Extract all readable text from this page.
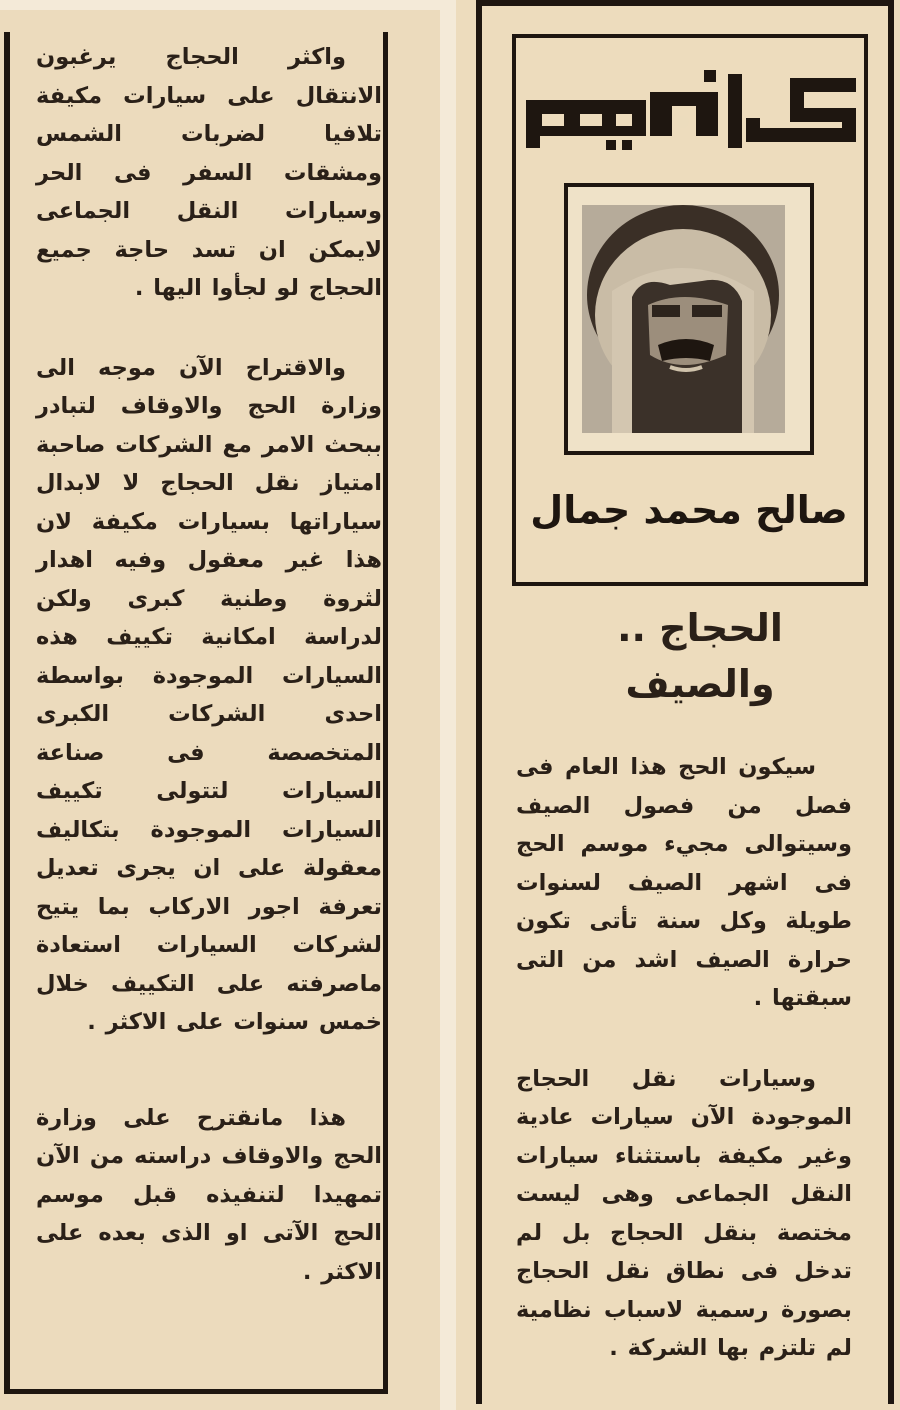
واكثر الحجاج يرغبون الانتقال على سيارات مكيفة تلافيا لضربات الشمس ومشقات السفر فى الحر وسيارات النقل الجماعى لايمكن ان تسد حاجة جميع الحجاج لو لجأوا اليها .

والاقتراح الآن موجه الى وزارة الحج والاوقاف لتبادر ببحث الامر مع الشركات صاحبة امتياز نقل الحجاج لا لابدال سياراتها بسيارات مكيفة لان هذا غير معقول وفيه اهدار لثروة وطنية كبرى ولكن لدراسة امكانية تكييف هذه السيارات الموجودة بواسطة احدى الشركات الكبرى المتخصصة فى صناعة السيارات لتتولى تكييف السيارات الموجودة بتكاليف معقولة على ان يجرى تعديل تعرفة اجور الاركاب بما يتيح لشركات السيارات استعادة ماصرفته على التكييف خلال خمس سنوات على الاكثر .

هذا مانقترح على وزارة الحج والاوقاف دراسته من الآن تمهيدا لتنفيذه قبل موسم الحج الآتى او الذى بعده على الاكثر .

صالح محمد جمال
الحجاج ..
والصيف

سيكون الحج هذا العام فى فصل من فصول الصيف وسيتوالى مجيء موسم الحج فى اشهر الصيف لسنوات طويلة وكل سنة تأتى تكون حرارة الصيف اشد من التى سبقتها .

وسيارات نقل الحجاج الموجودة الآن سيارات عادية وغير مكيفة باستثناء سيارات النقل الجماعى وهى ليست مختصة بنقل الحجاج بل لم تدخل فى نطاق نقل الحجاج بصورة رسمية لاسباب نظامية لم تلتزم بها الشركة .
